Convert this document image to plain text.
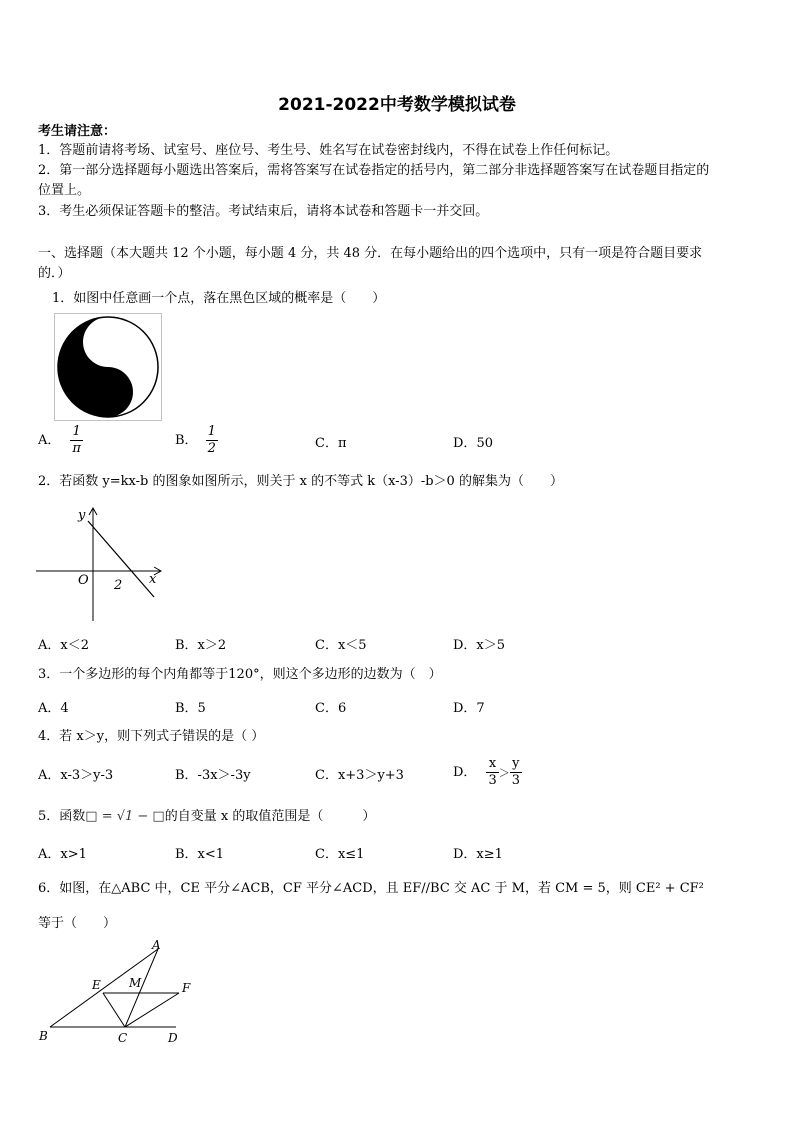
2021-2022中考数学模拟试卷
考生请注意：
1．答题前请将考场、试室号、座位号、考生号、姓名写在试卷密封线内，不得在试卷上作任何标记。
2．第一部分选择题每小题选出答案后，需将答案写在试卷指定的括号内，第二部分非选择题答案写在试卷题目指定的
位置上。
3．考生必须保证答题卡的整洁。考试结束后，请将本试卷和答题卡一并交回。
一、选择题（本大题共 12 个小题，每小题 4 分，共 48 分．在每小题给出的四个选项中，只有一项是符合题目要求
的．）
1．如图中任意画一个点，落在黑色区域的概率是（　　）
A． $\frac{1}{\pi}$	B． $\frac{1}{2}$	C．π	D．50
2．若函数 y=kx-b 的图象如图所示，则关于 x 的不等式 k（x-3）-b＞0 的解集为（　　）
y
x
O 2
A．x＜2	B．x＞2	C．x＜5	D．x＞5
3．一个多边形的每个内角都等于120°，则这个多边形的边数为（　）
A．4	B．5	C．6	D．7
4．若 x＞y，则下列式子错误的是（ ）
A．x-3＞y-3	B．-3x＞-3y	C．x+3＞y+3	D． $\frac{x}{3} > \frac{y}{3}$
5．函数□ = √1 − □的自变量 x 的取值范围是（　　　）
A．x>1	B．x<1	C．x≤1	D．x≥1
6．如图，在△ABC 中，CE 平分∠ACB，CF 平分∠ACD，且 EF//BC 交 AC 于 M，若 CM = 5，则 CE² + CF²
等于（　　）
A
B	C	D
E	F
M
